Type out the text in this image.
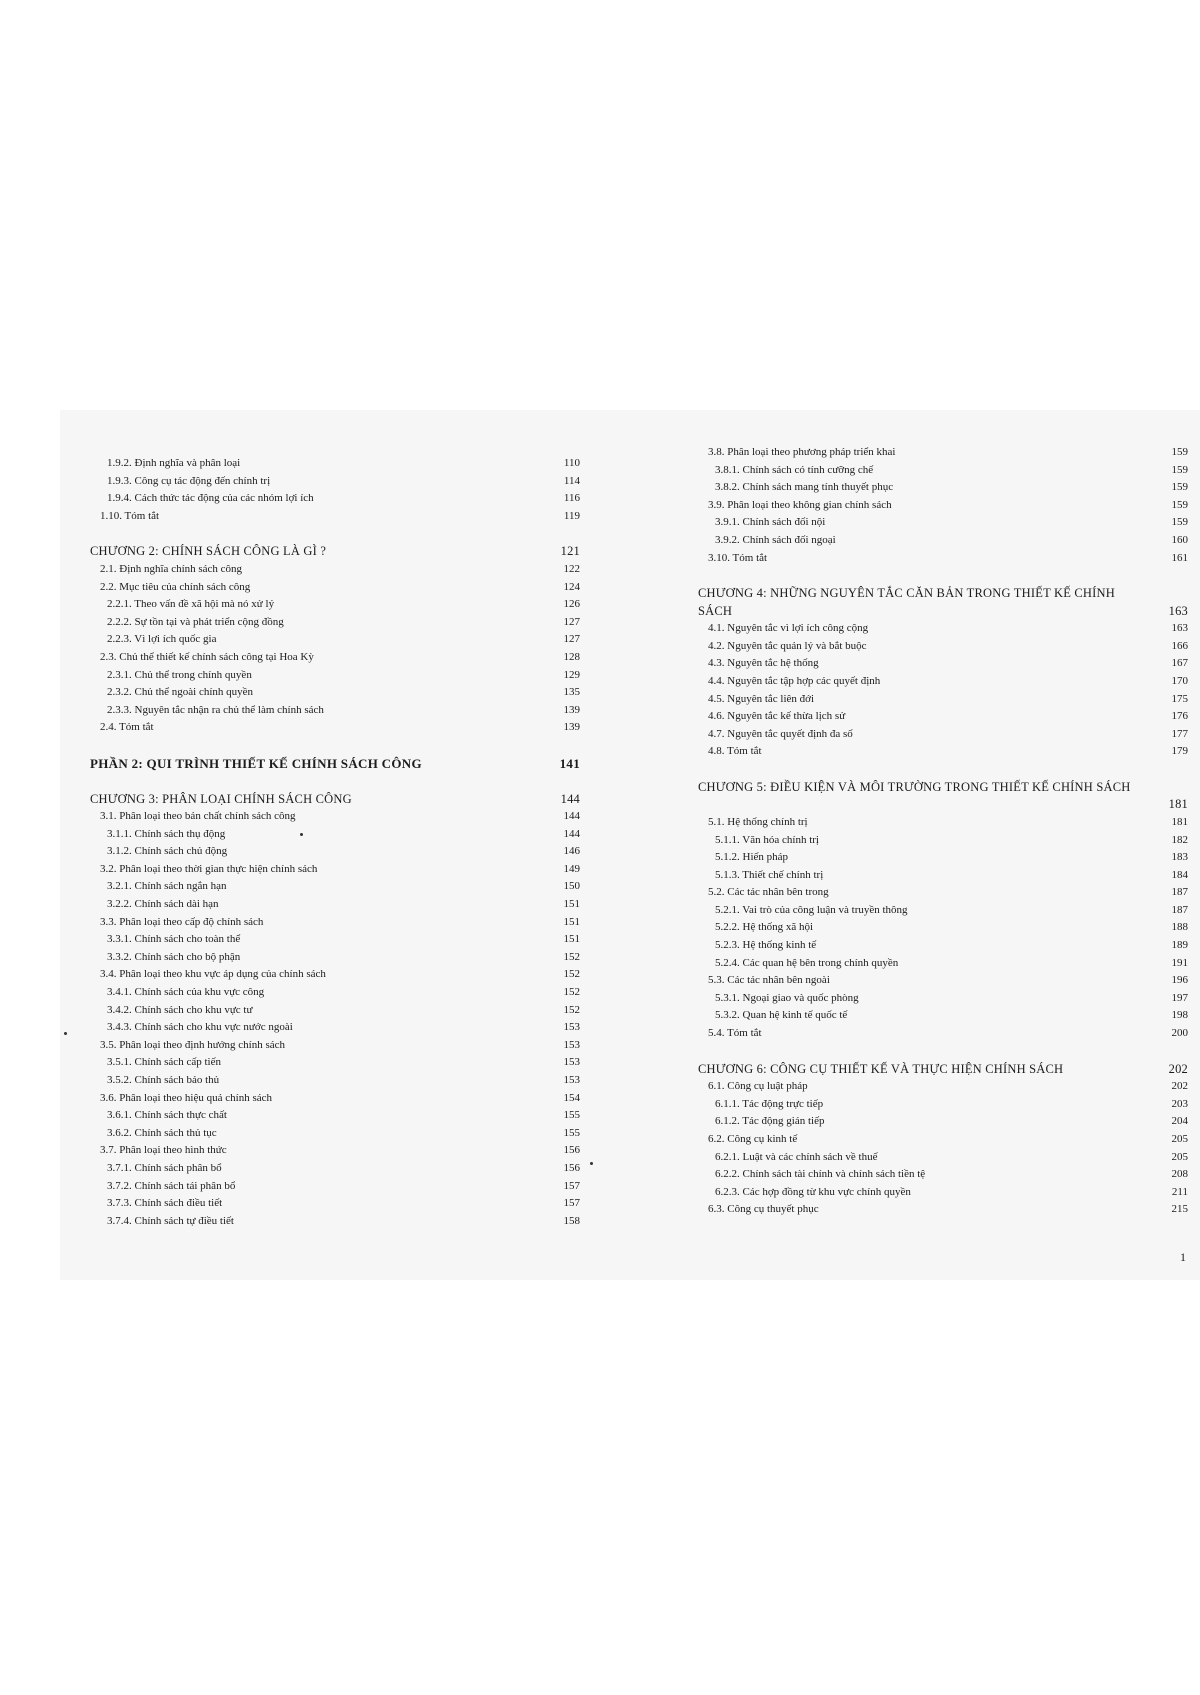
1.9.2. Định nghĩa và phân loại	110
1.9.3. Công cụ tác động đến chính trị	114
1.9.4. Cách thức tác động của các nhóm lợi ích	116
1.10. Tóm tắt	119
CHƯƠNG 2: CHÍNH SÁCH CÔNG LÀ GÌ ?	121
2.1. Định nghĩa chính sách công	122
2.2. Mục tiêu của chính sách công	124
2.2.1. Theo vấn đề xã hội mà nó xử lý	126
2.2.2. Sự tồn tại và phát triển cộng đồng	127
2.2.3. Vì lợi ích quốc gia	127
2.3. Chủ thể thiết kế chính sách công tại Hoa Kỳ	128
2.3.1. Chủ thể trong chính quyền	129
2.3.2. Chủ thể ngoài chính quyền	135
2.3.3. Nguyên tắc nhận ra chủ thể làm chính sách	139
2.4. Tóm tắt	139
PHẦN 2: QUI TRÌNH THIẾT KẾ CHÍNH SÁCH CÔNG	141
CHƯƠNG 3: PHÂN LOẠI CHÍNH SÁCH CÔNG	144
3.1. Phân loại theo bản chất chính sách công	144
3.1.1. Chính sách thụ động	144
3.1.2. Chính sách chủ động	146
3.2. Phân loại theo thời gian thực hiện chính sách	149
3.2.1. Chính sách ngắn hạn	150
3.2.2. Chính sách dài hạn	151
3.3. Phân loại theo cấp độ chính sách	151
3.3.1. Chính sách cho toàn thể	151
3.3.2. Chính sách cho bộ phận	152
3.4. Phân loại theo khu vực áp dụng của chính sách	152
3.4.1. Chính sách của khu vực công	152
3.4.2. Chính sách cho khu vực tư	152
3.4.3. Chính sách cho khu vực nước ngoài	153
3.5. Phân loại theo định hướng chính sách	153
3.5.1. Chính sách cấp tiến	153
3.5.2. Chính sách bảo thủ	153
3.6. Phân loại theo hiệu quả chính sách	154
3.6.1. Chính sách thực chất	155
3.6.2. Chính sách thủ tục	155
3.7. Phân loại theo hình thức	156
3.7.1. Chính sách phân bổ	156
3.7.2. Chính sách tái phân bổ	157
3.7.3. Chính sách điều tiết	157
3.7.4. Chính sách tự điều tiết	158
3.8. Phân loại theo phương pháp triển khai	159
3.8.1. Chính sách có tính cưỡng chế	159
3.8.2. Chính sách mang tính thuyết phục	159
3.9. Phân loại theo không gian chính sách	159
3.9.1. Chính sách đối nội	159
3.9.2. Chính sách đối ngoại	160
3.10. Tóm tắt	161
CHƯƠNG 4: NHỮNG NGUYÊN TẮC CĂN BẢN TRONG THIẾT KẾ CHÍNH SÁCH	163
4.1. Nguyên tắc vì lợi ích công cộng	163
4.2. Nguyên tắc quản lý và bắt buộc	166
4.3. Nguyên tắc hệ thống	167
4.4. Nguyên tắc tập hợp các quyết định	170
4.5. Nguyên tắc liên đới	175
4.6. Nguyên tắc kế thừa lịch sử	176
4.7. Nguyên tắc quyết định đa số	177
4.8. Tóm tắt	179
CHƯƠNG 5: ĐIỀU KIỆN VÀ MÔI TRƯỜNG TRONG THIẾT KẾ CHÍNH SÁCH
181
5.1. Hệ thống chính trị	181
5.1.1. Văn hóa chính trị	182
5.1.2. Hiến pháp	183
5.1.3. Thiết chế chính trị	184
5.2. Các tác nhân bên trong	187
5.2.1. Vai trò của công luận và truyền thông	187
5.2.2. Hệ thống xã hội	188
5.2.3. Hệ thống kinh tế	189
5.2.4. Các quan hệ bên trong chính quyền	191
5.3. Các tác nhân bên ngoài	196
5.3.1. Ngoại giao và quốc phòng	197
5.3.2. Quan hệ kinh tế quốc tế	198
5.4. Tóm tắt	200
CHƯƠNG 6: CÔNG CỤ THIẾT KẾ VÀ THỰC HIỆN CHÍNH SÁCH	202
6.1. Công cụ luật pháp	202
6.1.1. Tác động trực tiếp	203
6.1.2. Tác động gián tiếp	204
6.2. Công cụ kinh tế	205
6.2.1. Luật và các chính sách về thuế	205
6.2.2. Chính sách tài chính và chính sách tiền tệ	208
6.2.3. Các hợp đồng từ khu vực chính quyền	211
6.3. Công cụ thuyết phục	215
1
